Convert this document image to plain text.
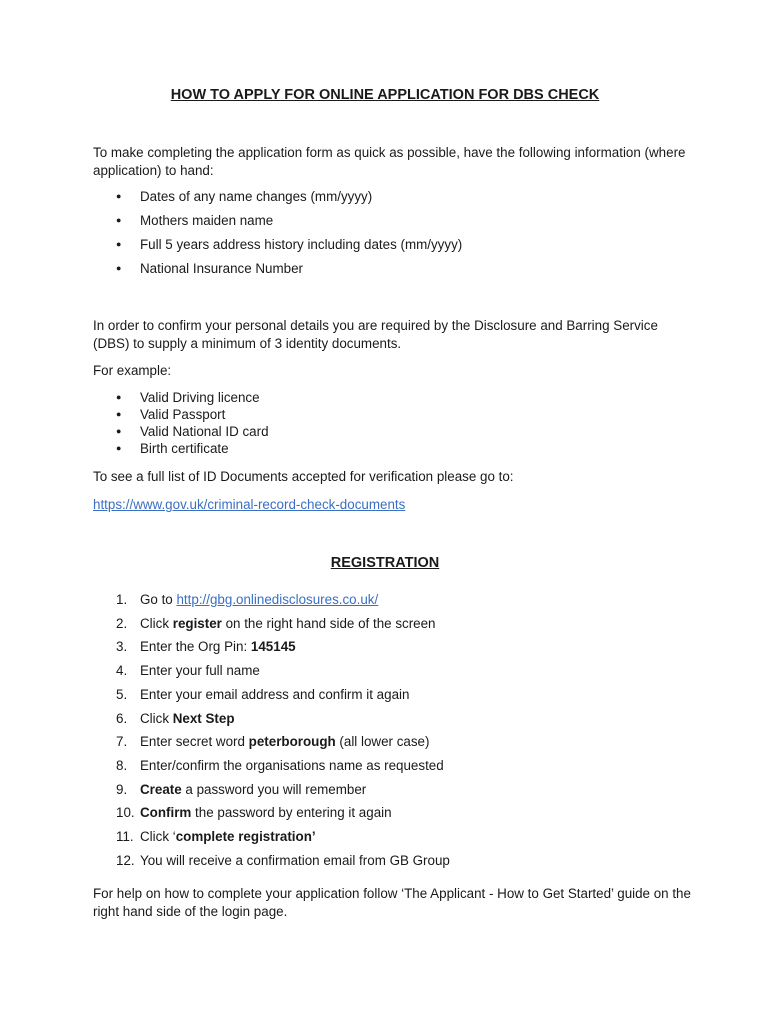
HOW TO APPLY FOR ONLINE APPLICATION FOR DBS CHECK
To make completing the application form as quick as possible, have the following information (where application) to hand:
● Dates of any name changes (mm/yyyy)
● Mothers maiden name
● Full 5 years address history including dates (mm/yyyy)
● National Insurance Number
In order to confirm your personal details you are required by the Disclosure and Barring Service (DBS) to supply a minimum of 3 identity documents.
For example:
● Valid Driving licence
● Valid Passport
● Valid National ID card
● Birth certificate
To see a full list of ID Documents accepted for verification please go to:
https://www.gov.uk/criminal-record-check-documents
REGISTRATION
1. Go to http://gbg.onlinedisclosures.co.uk/
2. Click register on the right hand side of the screen
3. Enter the Org Pin: 145145
4. Enter your full name
5. Enter your email address and confirm it again
6. Click Next Step
7. Enter secret word peterborough (all lower case)
8. Enter/confirm the organisations name as requested
9. Create a password you will remember
10. Confirm the password by entering it again
11. Click ‘complete registration’
12. You will receive a confirmation email from GB Group
For help on how to complete your application follow ‘The Applicant - How to Get Started’ guide on the right hand side of the login page.
